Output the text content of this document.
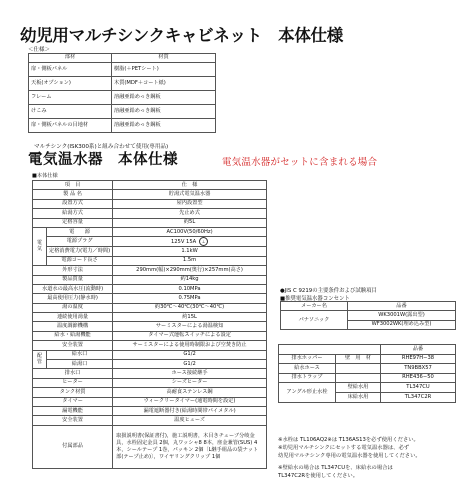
幼児用マルチシンクキャビネット　本体仕様
＜仕様＞
部材	材質
扉・側板パネル	樹脂(＋PETシート)
天板(オプション)	木質(MDF＋コート紙)
フレーム	溶融亜鉛めっき鋼板
けこみ	溶融亜鉛めっき鋼板
扉・側板パネルの目地材	溶融亜鉛めっき鋼板
マルチシンク(ISK300系)と組み合わせて使用(専用品)
電気温水器　本体仕様	電気温水器がセットに含まれる場合
■本体仕様
項　目		仕　様
製 品 名		貯湯式電気温水器
設置方式		屋内設置型
給湯方式		先止め式
定格容量		約5L
電気	電　　源	AC100V(50/60Hz)
	電源プラグ	125V 15A ⊥
	定格消費電力(電力／時間)	1.1kW
	電源コード長さ	1.5m
外形寸法		290mm(幅)×290mm(奥行)×257mm(高さ)
製品質量		約14kg
水道水の最高水圧(流動時)		0.10MPa
最高使用圧力(静水時)		0.75MPa
湯の温度		約30℃〜40℃(30℃〜40℃)
連続使用湯量		約15L
温度調節機構		サーミスターによる湯温検知
給水・給湯機能		タイマー式運転スイッチによる設定
安全装置		サーミスターによる使用時制限および空焚き防止
配管	給水口	G1/2
	給湯口	G1/2
排水口		ホース接続継手
ヒーター		シーズヒーター
タンク材質		高耐食ステンレス鋼
タイマー		ウィークリータイマー(通電時間を設定)
漏電機能		漏電遮断器付き(給湯時間帯パイメタル)
安全装置		温度ヒューズ
付属部品		取扱説明書(保証書付)，施工説明書，木目きチューブ分岐金具，水栓固定金具 2個，丸ワッシャ8 8本，座金兼管(SUS) 4本，シールテープ 1巻，パッキン 2個〔L継手組品の袋ナット部(テープ止め)〕，ワイヤリングクリップ 1個
●JIS C 9219の主要条件および試験項目
■推奨電気温水器コンセント
メーカー名	品番
パナソニック	WK3001W(露出型)
	WF3002WK(埋め込み型)
		品番
排水ホッパー	壁　用　材	RHE97H−38
給水ホース		TN9BBX57
排水トラップ		RHE436−50
アングル形止水栓	壁給水用	TL347CU
	床給水用	TL347C2R
※水栓は TL106AQ2※は T136AS13を必ず使用ください。
※幼児用マルチシンクにセットする電気温水器は、必ず
幼児用マルチシンク専用の電気温水器を使用してください。
※壁給水の場合は TL347CUを、床給水の場合は
TL347C2Rを使用してください。
